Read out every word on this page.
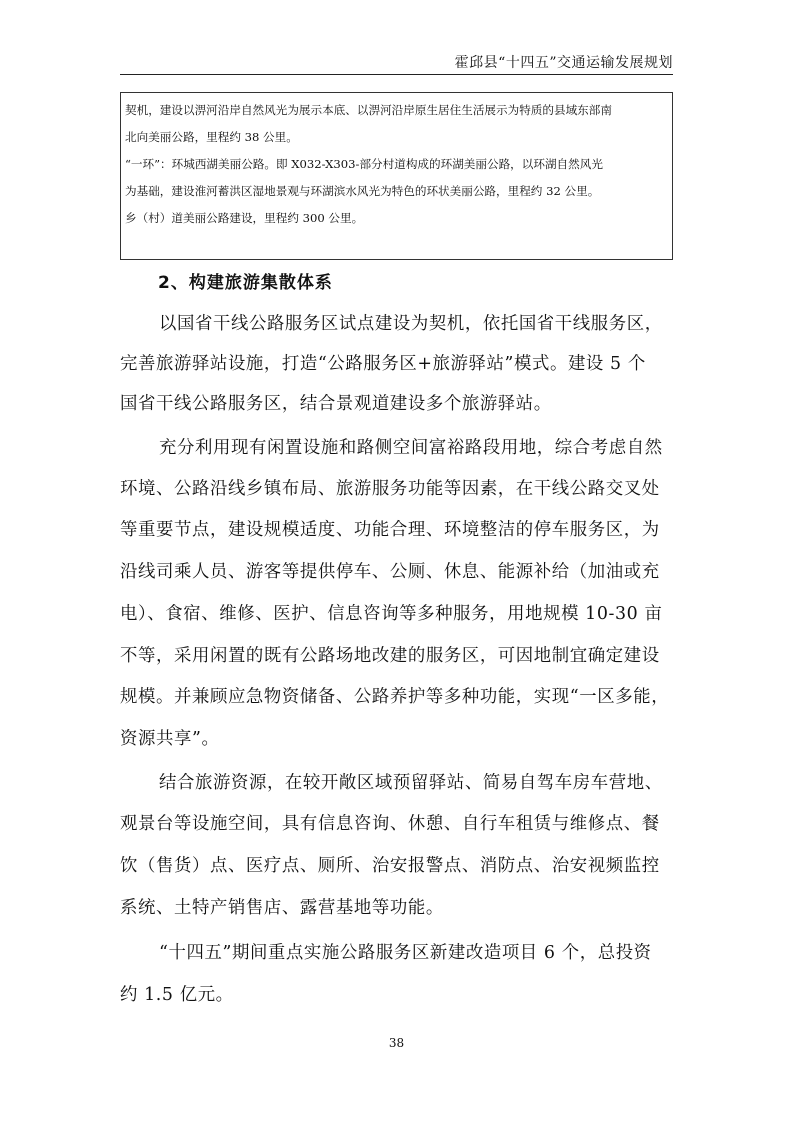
霍邱县“十四五”交通运输发展规划
契机，建设以淠河沿岸自然风光为展示本底、以淠河沿岸原生居住生活展示为特质的县域东部南
北向美丽公路，里程约 38 公里。
“一环”：环城西湖美丽公路。即 X032-X303-部分村道构成的环湖美丽公路，以环湖自然风光
为基础，建设淮河蓄洪区湿地景观与环湖滨水风光为特色的环状美丽公路，里程约 32 公里。
乡（村）道美丽公路建设，里程约 300 公里。
2、构建旅游集散体系
以国省干线公路服务区试点建设为契机，依托国省干线服务区，
完善旅游驿站设施，打造“公路服务区+旅游驿站”模式。建设 5 个
国省干线公路服务区，结合景观道建设多个旅游驿站。
充分利用现有闲置设施和路侧空间富裕路段用地，综合考虑自然
环境、公路沿线乡镇布局、旅游服务功能等因素，在干线公路交叉处
等重要节点，建设规模适度、功能合理、环境整洁的停车服务区，为
沿线司乘人员、游客等提供停车、公厕、休息、能源补给（加油或充
电）、食宿、维修、医护、信息咨询等多种服务，用地规模 10-30 亩
不等，采用闲置的既有公路场地改建的服务区，可因地制宜确定建设
规模。并兼顾应急物资储备、公路养护等多种功能，实现“一区多能，
资源共享”。
结合旅游资源，在较开敞区域预留驿站、简易自驾车房车营地、
观景台等设施空间，具有信息咨询、休憩、自行车租赁与维修点、餐
饮（售货）点、医疗点、厕所、治安报警点、消防点、治安视频监控
系统、土特产销售店、露营基地等功能。
“十四五”期间重点实施公路服务区新建改造项目 6 个，总投资
约 1.5 亿元。
38
